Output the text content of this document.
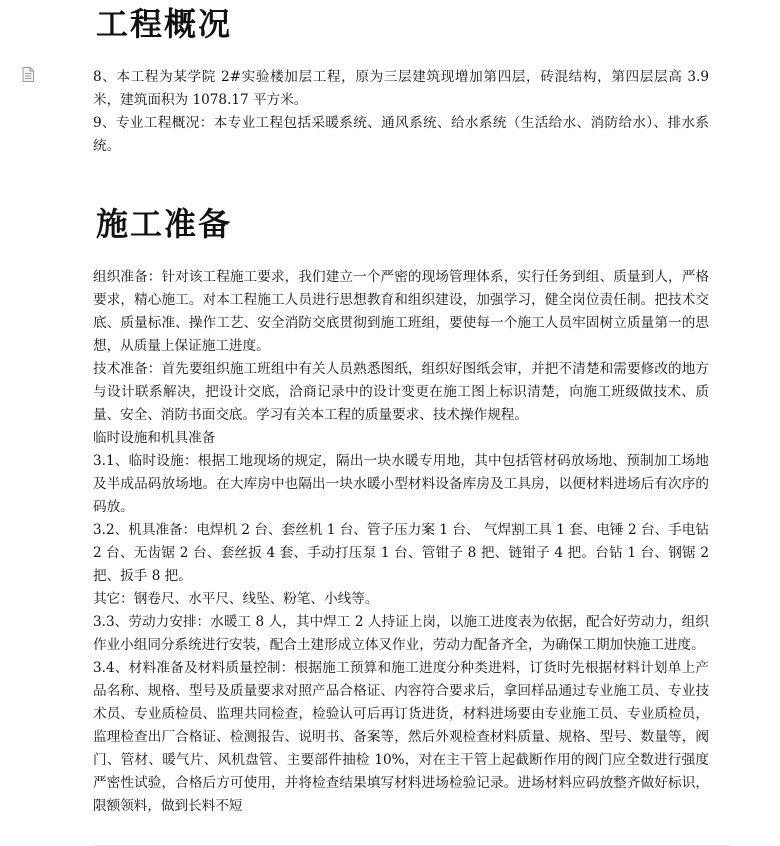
工程概况

8、本工程为某学院 2#实验楼加层工程，原为三层建筑现增加第四层，砖混结构，第四层层高 3.9 米，建筑面积为 1078.17 平方米。

9、专业工程概况：本专业工程包括采暖系统、通风系统、给水系统（生活给水、消防给水）、排水系统。

施工准备

组织准备：针对该工程施工要求，我们建立一个严密的现场管理体系，实行任务到组、质量到人，严格要求，精心施工。对本工程施工人员进行思想教育和组织建设，加强学习，健全岗位责任制。把技术交底、质量标准、操作工艺、安全消防交底贯彻到施工班组，要使每一个施工人员牢固树立质量第一的思想，从质量上保证施工进度。

技术准备：首先要组织施工班组中有关人员熟悉图纸，组织好图纸会审，并把不清楚和需要修改的地方与设计联系解决，把设计交底，洽商记录中的设计变更在施工图上标识清楚，向施工班级做技术、质量、安全、消防书面交底。学习有关本工程的质量要求、技术操作规程。

临时设施和机具准备

3.1、临时设施：根据工地现场的规定，隔出一块水暖专用地，其中包括管材码放场地、预制加工场地及半成品码放场地。在大库房中也隔出一块水暖小型材料设备库房及工具房，以便材料进场后有次序的码放。

3.2、机具准备：电焊机 2 台、套丝机 1 台、管子压力案 1 台、 气焊割工具 1 套、电锤 2 台、手电钻 2 台、无齿锯 2 台、套丝扳 4 套、手动打压泵 1 台、管钳子 8 把、链钳子 4 把。台钻 1 台、钢锯 2 把、扳手 8 把。

其它：钢卷尺、水平尺、线坠、粉笔、小线等。

3.3、劳动力安排：水暖工 8 人，其中焊工 2 人持证上岗，以施工进度表为依据，配合好劳动力，组织作业小组同分系统进行安装，配合土建形成立体叉作业，劳动力配备齐全，为确保工期加快施工进度。

3.4、材料准备及材料质量控制：根据施工预算和施工进度分种类进料，订货时先根据材料计划单上产品名称、规格、型号及质量要求对照产品合格证、内容符合要求后，拿回样品通过专业施工员、专业技术员、专业质检员、监理共同检查，检验认可后再订货进货，材料进场要由专业施工员、专业质检员，监理检查出厂合格证、检测报告、说明书、备案等，然后外观检查材料质量、规格、型号、数量等，阀门、管材、暖气片、风机盘管、主要部件抽检 10%，对在主干管上起截断作用的阀门应全数进行强度严密性试验，合格后方可使用，并将检查结果填写材料进场检验记录。进场材料应码放整齐做好标识，限额领料，做到长料不短
